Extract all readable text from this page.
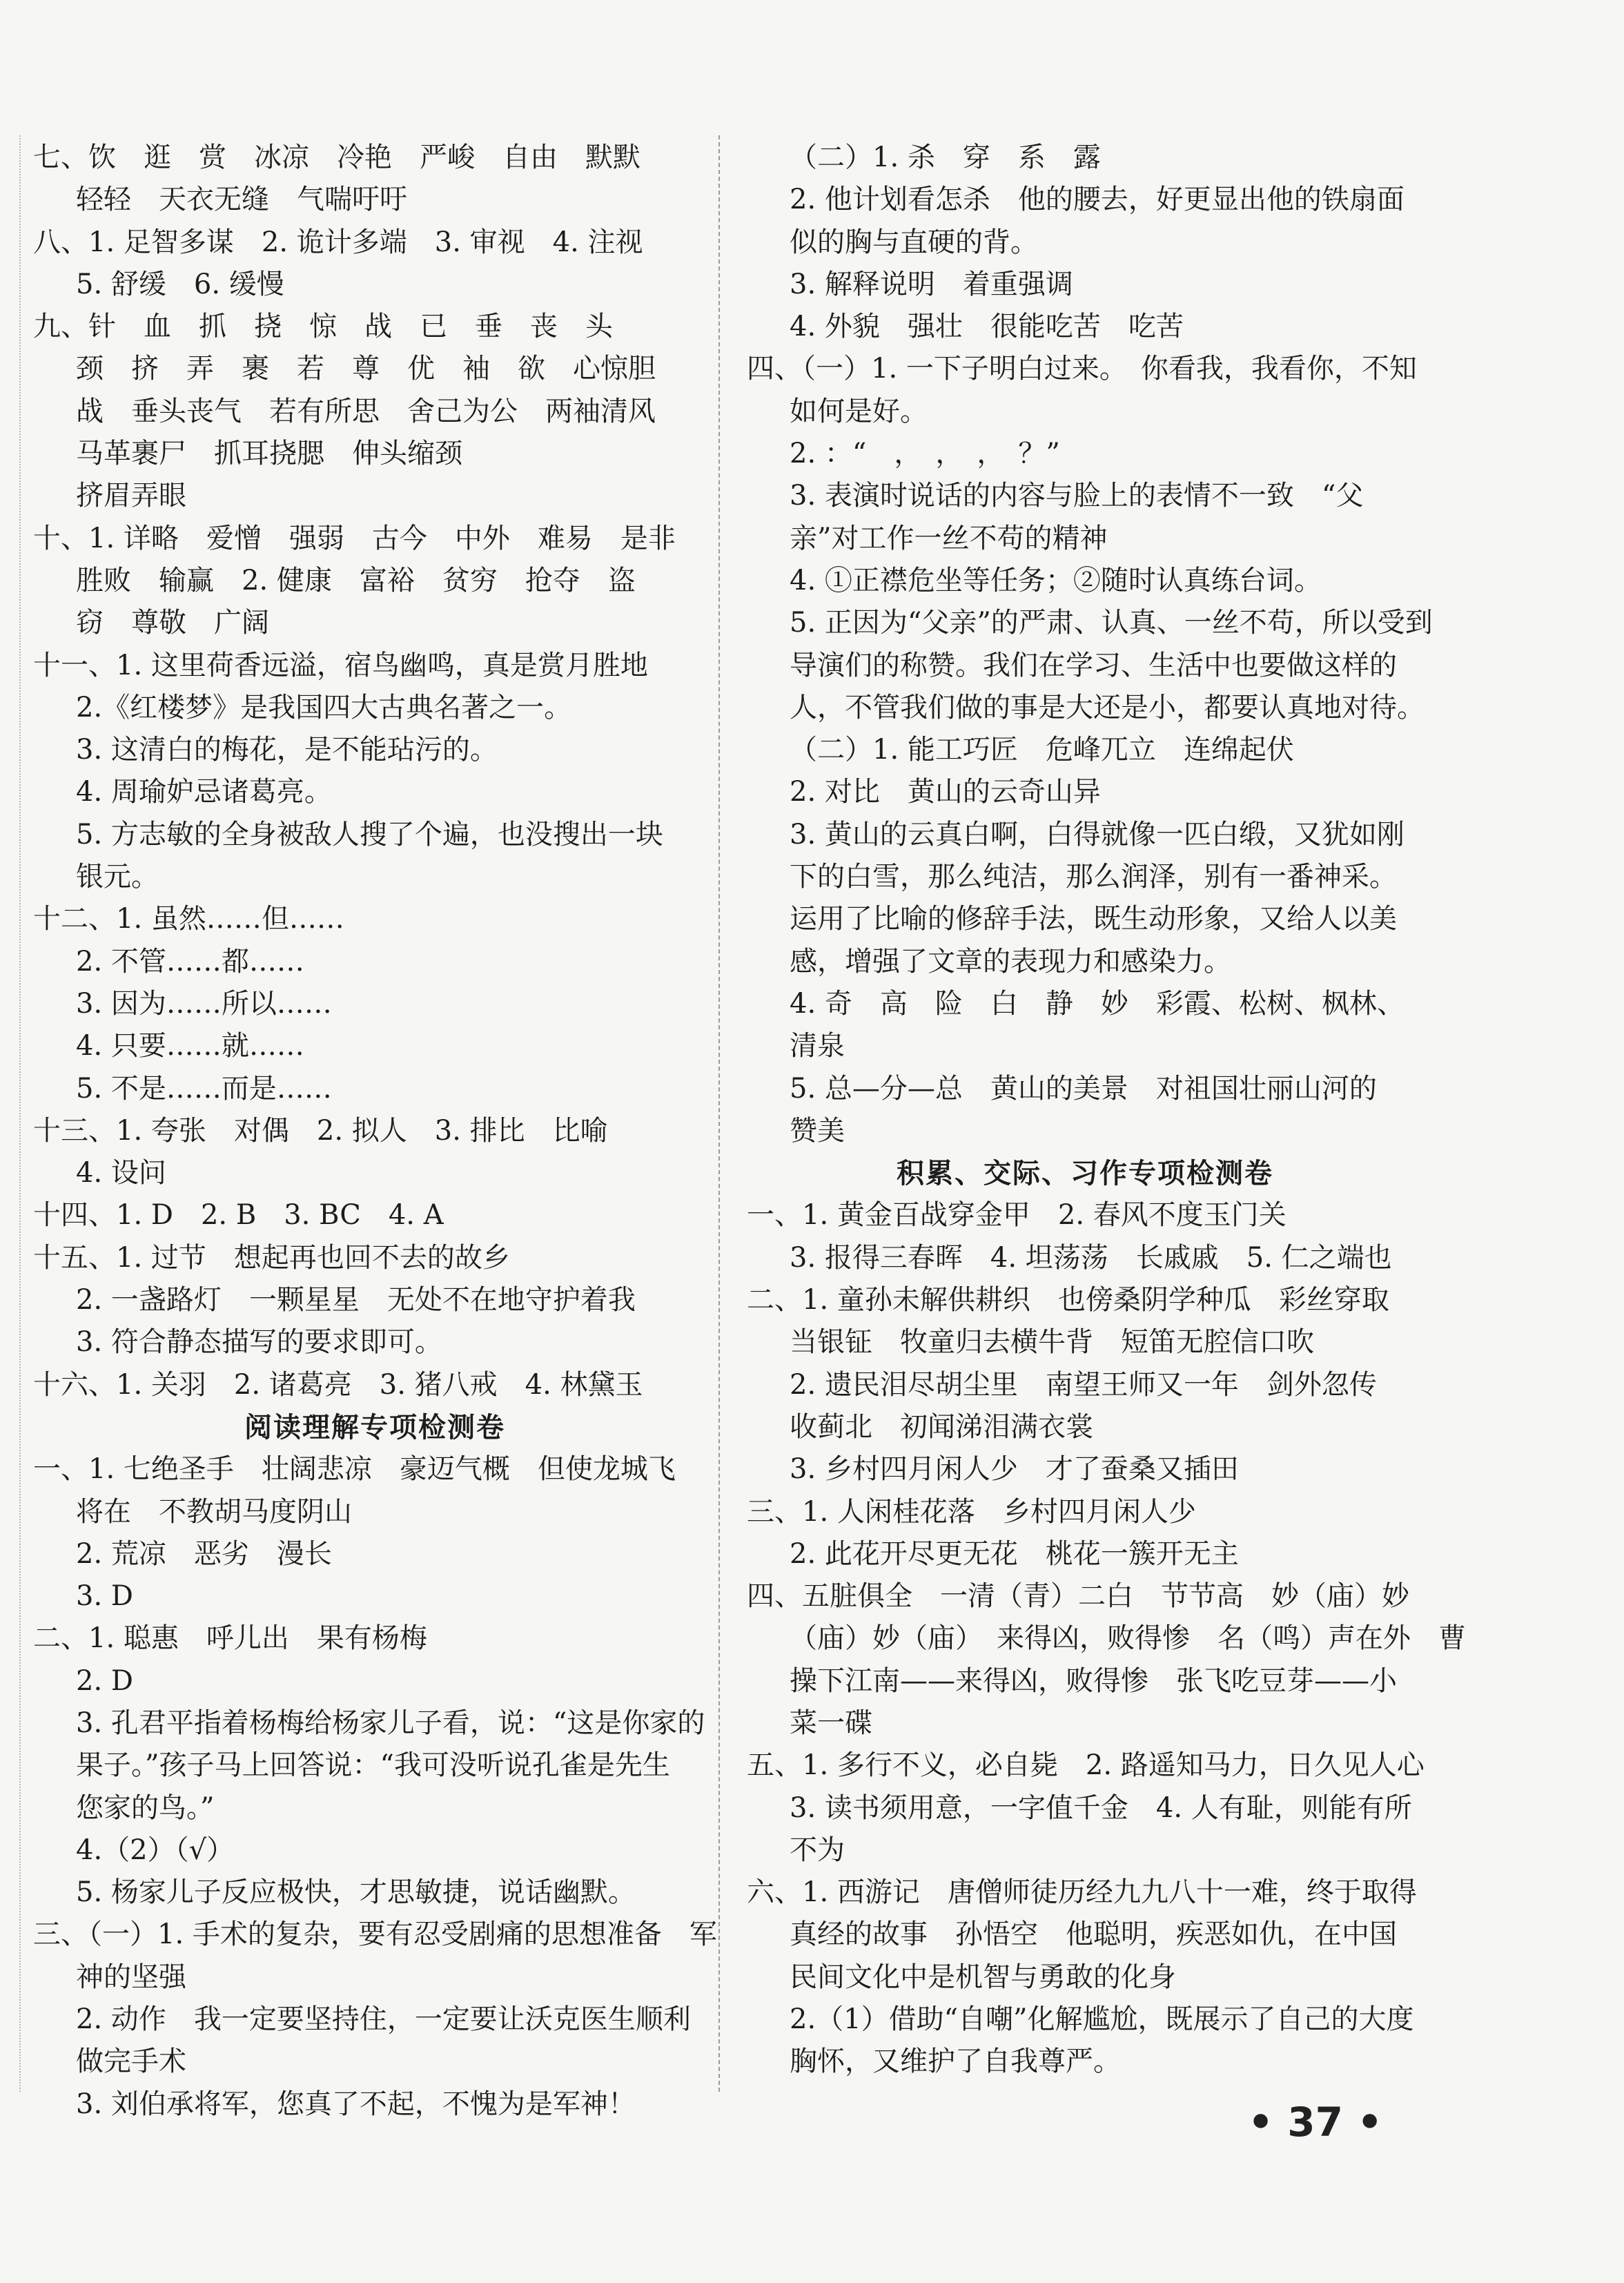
七、饮　逛　赏　冰凉　冷艳　严峻　自由　默默
轻轻　天衣无缝　气喘吁吁
八、1. 足智多谋　2. 诡计多端　3. 审视　4. 注视
5. 舒缓　6. 缓慢
九、针　血　抓　挠　惊　战　已　垂　丧　头
颈　挤　弄　裹　若　尊　优　袖　欲　心惊胆
战　垂头丧气　若有所思　舍己为公　两袖清风
马革裹尸　抓耳挠腮　伸头缩颈
挤眉弄眼
十、1. 详略　爱憎　强弱　古今　中外　难易　是非
胜败　输赢　2. 健康　富裕　贫穷　抢夺　盗
窃　尊敬　广阔
十一、1. 这里荷香远溢，宿鸟幽鸣，真是赏月胜地
2.《红楼梦》是我国四大古典名著之一。
3. 这清白的梅花，是不能玷污的。
4. 周瑜妒忌诸葛亮。
5. 方志敏的全身被敌人搜了个遍，也没搜出一块
银元。
十二、1. 虽然……但……
2. 不管……都……
3. 因为……所以……
4. 只要……就……
5. 不是……而是……
十三、1. 夸张　对偶　2. 拟人　3. 排比　比喻
4. 设问
十四、1. D　2. B　3. BC　4. A
十五、1. 过节　想起再也回不去的故乡
2. 一盏路灯　一颗星星　无处不在地守护着我
3. 符合静态描写的要求即可。
十六、1. 关羽　2. 诸葛亮　3. 猪八戒　4. 林黛玉
阅读理解专项检测卷
一、1. 七绝圣手　壮阔悲凉　豪迈气概　但使龙城飞
将在　不教胡马度阴山
2. 荒凉　恶劣　漫长
3. D
二、1. 聪惠　呼儿出　果有杨梅
2. D
3. 孔君平指着杨梅给杨家儿子看，说：“这是你家的
果子。”孩子马上回答说：“我可没听说孔雀是先生
您家的鸟。”
4.（2）（√）
5. 杨家儿子反应极快，才思敏捷，说话幽默。
三、（一）1. 手术的复杂，要有忍受剧痛的思想准备　军
神的坚强
2. 动作　我一定要坚持住，一定要让沃克医生顺利
做完手术
3. 刘伯承将军，您真了不起，不愧为是军神！
（二）1. 杀　穿　系　露
2. 他计划看怎杀　他的腰去，好更显出他的铁扇面
似的胸与直硬的背。
3. 解释说明　着重强调
4. 外貌　强壮　很能吃苦　吃苦
四、（一）1. 一下子明白过来。　你看我，我看你，不知
如何是好。
2. ：“　，　，　，　？”
3. 表演时说话的内容与脸上的表情不一致　“父
亲”对工作一丝不苟的精神
4. ①正襟危坐等任务；②随时认真练台词。
5. 正因为“父亲”的严肃、认真、一丝不苟，所以受到
导演们的称赞。我们在学习、生活中也要做这样的
人，不管我们做的事是大还是小，都要认真地对待。
（二）1. 能工巧匠　危峰兀立　连绵起伏
2. 对比　黄山的云奇山异
3. 黄山的云真白啊，白得就像一匹白缎，又犹如刚
下的白雪，那么纯洁，那么润泽，别有一番神采。
运用了比喻的修辞手法，既生动形象，又给人以美
感，增强了文章的表现力和感染力。
4. 奇　高　险　白　静　妙　彩霞、松树、枫林、
清泉
5. 总—分—总　黄山的美景　对祖国壮丽山河的
赞美
积累、交际、习作专项检测卷
一、1. 黄金百战穿金甲　2. 春风不度玉门关
3. 报得三春晖　4. 坦荡荡　长戚戚　5. 仁之端也
二、1. 童孙未解供耕织　也傍桑阴学种瓜　彩丝穿取
当银钲　牧童归去横牛背　短笛无腔信口吹
2. 遗民泪尽胡尘里　南望王师又一年　剑外忽传
收蓟北　初闻涕泪满衣裳
3. 乡村四月闲人少　才了蚕桑又插田
三、1. 人闲桂花落　乡村四月闲人少
2. 此花开尽更无花　桃花一簇开无主
四、五脏俱全　一清（青）二白　节节高　妙（庙）妙
（庙）妙（庙）　来得凶，败得惨　名（鸣）声在外　曹
操下江南——来得凶，败得惨　张飞吃豆芽——小
菜一碟
五、1. 多行不义，必自毙　2. 路遥知马力，日久见人心
3. 读书须用意，一字值千金　4. 人有耻，则能有所
不为
六、1. 西游记　唐僧师徒历经九九八十一难，终于取得
真经的故事　孙悟空　他聪明，疾恶如仇，在中国
民间文化中是机智与勇敢的化身
2.（1）借助“自嘲”化解尴尬，既展示了自己的大度
胸怀，又维护了自我尊严。
• 37 •
